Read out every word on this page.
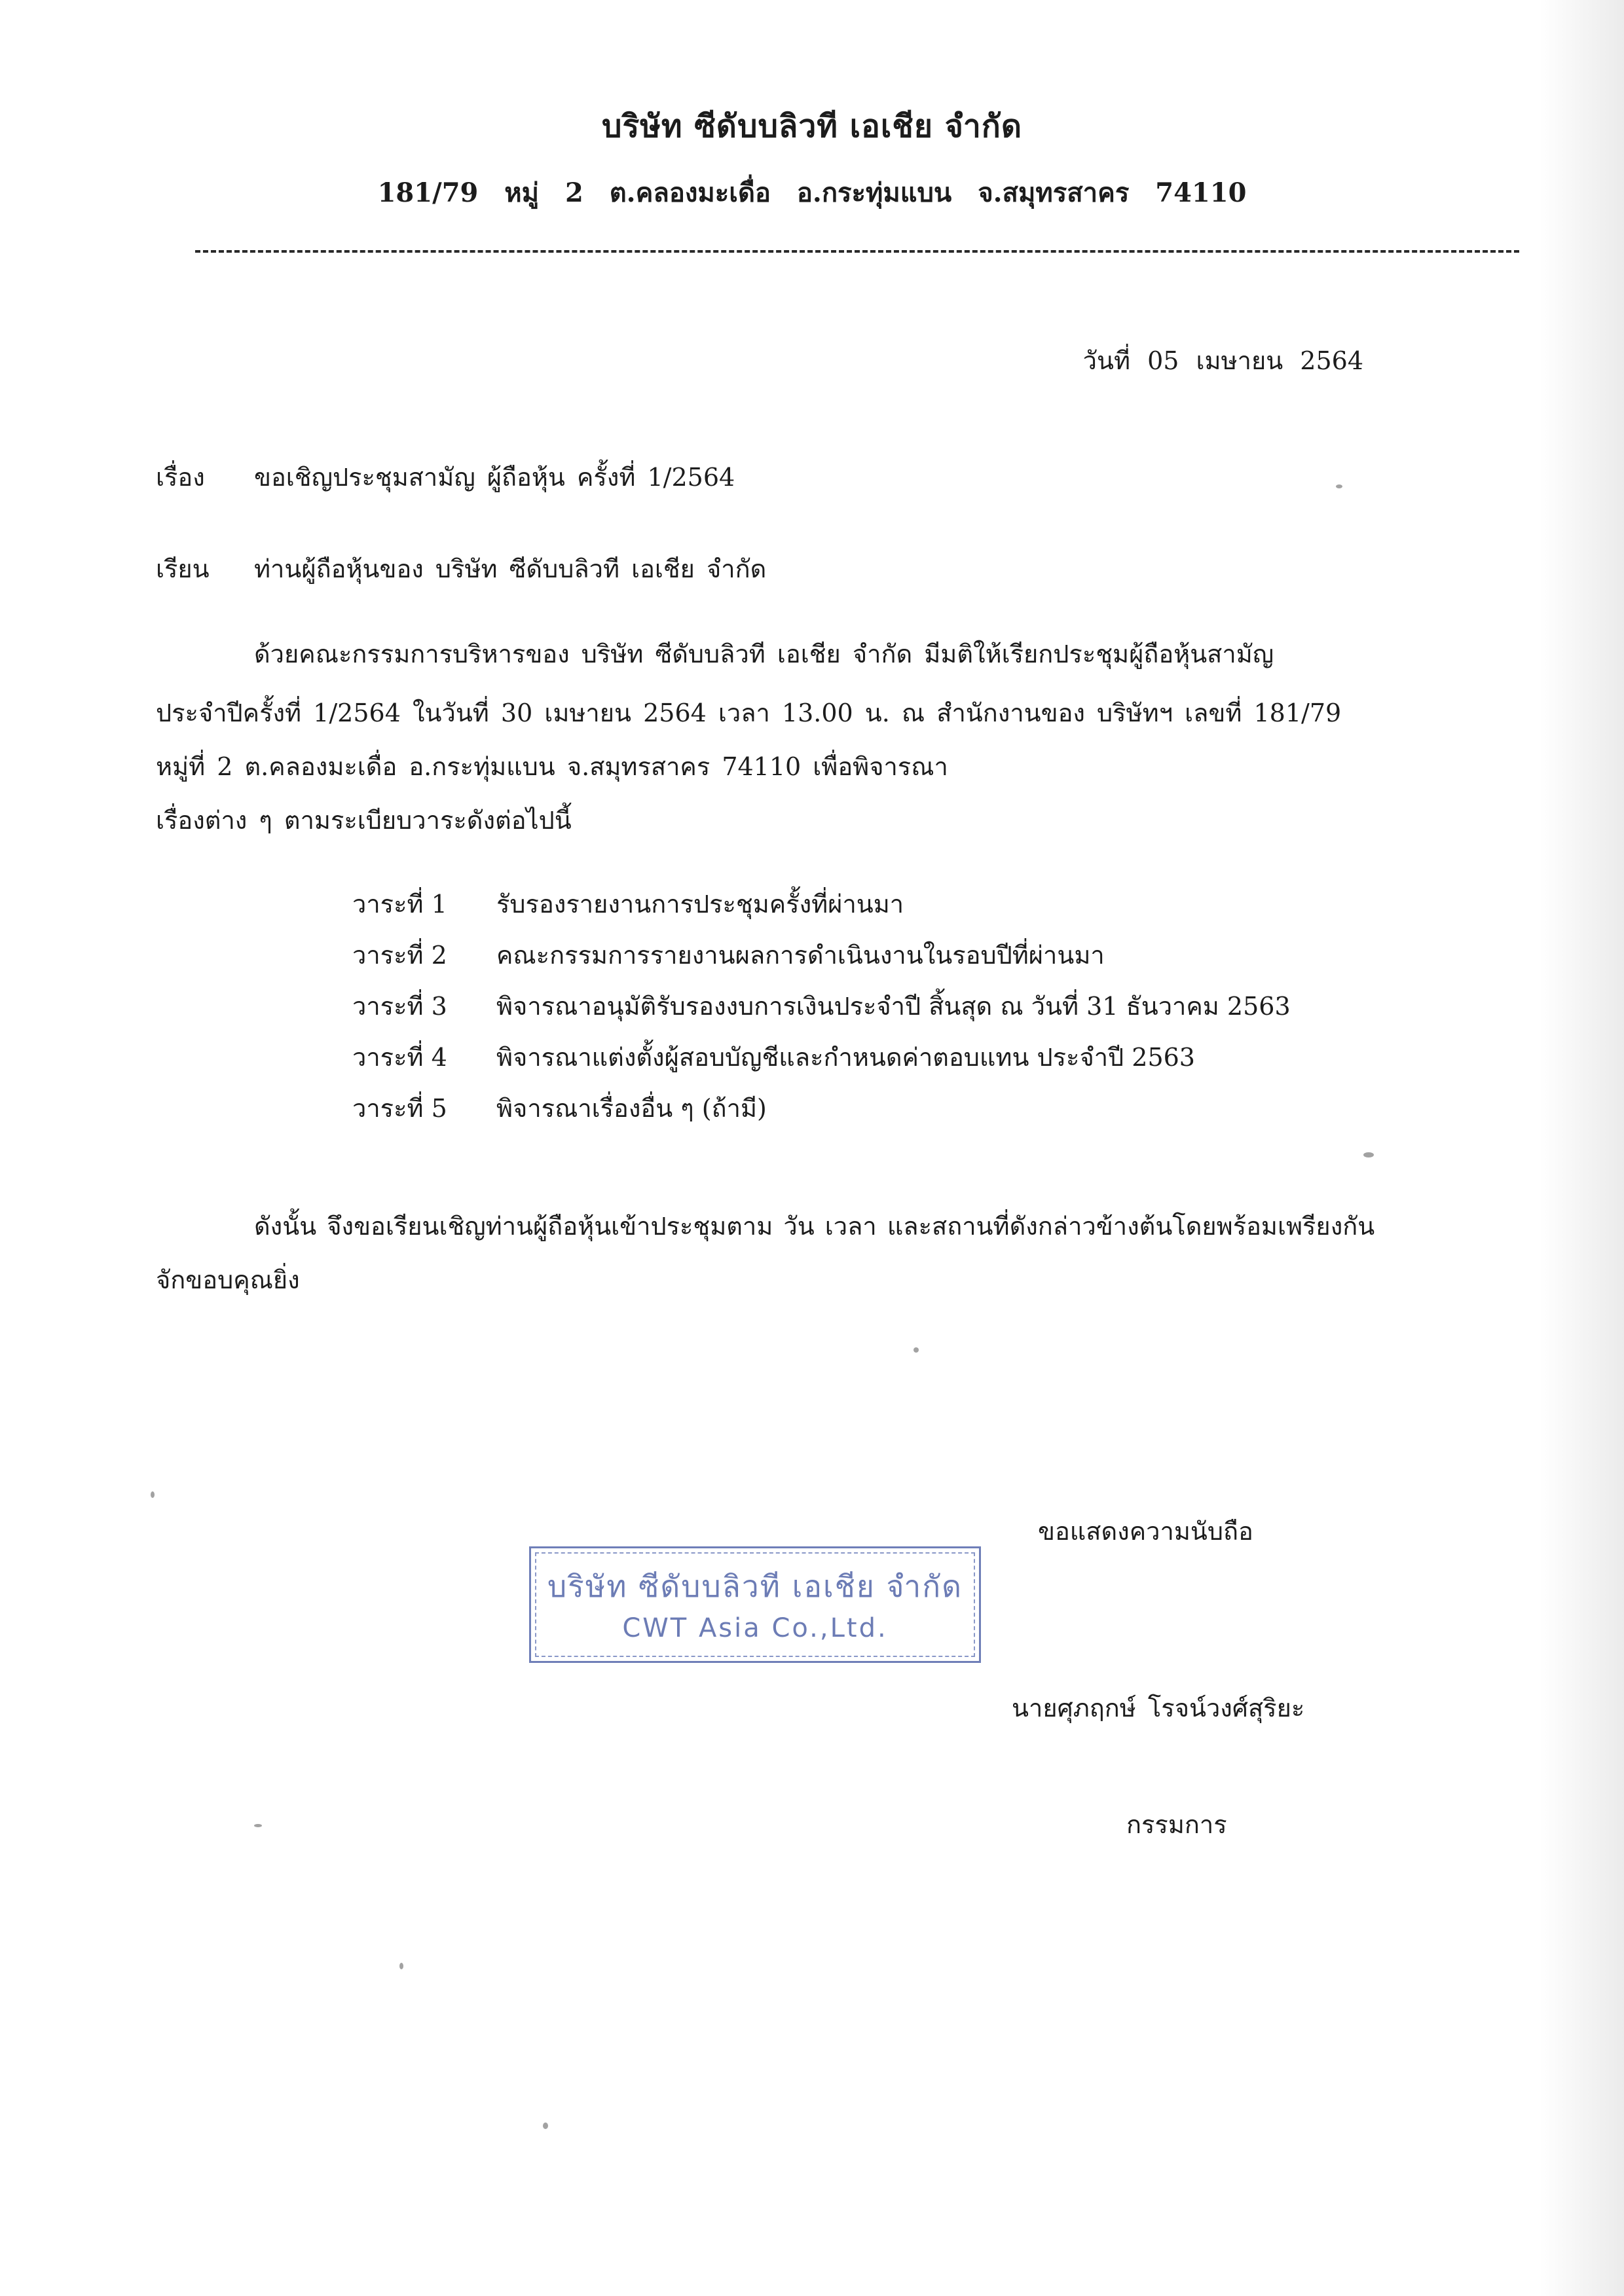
บริษัท ซีดับบลิวที เอเชีย จำกัด
181/79 หมู่ 2 ต.คลองมะเดื่อ อ.กระทุ่มแบน จ.สมุทรสาคร 74110
วันที่ 05 เมษายน 2564
เรื่อง ขอเชิญประชุมสามัญ ผู้ถือหุ้น ครั้งที่ 1/2564
เรียน ท่านผู้ถือหุ้นของ บริษัท ซีดับบลิวที เอเชีย จำกัด
ด้วยคณะกรรมการบริหารของ บริษัท ซีดับบลิวที เอเชีย จำกัด มีมติให้เรียกประชุมผู้ถือหุ้นสามัญ
ประจำปีครั้งที่ 1/2564 ในวันที่ 30 เมษายน 2564 เวลา 13.00 น. ณ สำนักงานของ บริษัทฯ เลขที่ 181/79
หมู่ที่ 2 ต.คลองมะเดื่อ อ.กระทุ่มแบน จ.สมุทรสาคร 74110 เพื่อพิจารณา
เรื่องต่าง ๆ ตามระเบียบวาระดังต่อไปนี้
วาระที่ 1 รับรองรายงานการประชุมครั้งที่ผ่านมา
วาระที่ 2 คณะกรรมการรายงานผลการดำเนินงานในรอบปีที่ผ่านมา
วาระที่ 3 พิจารณาอนุมัติรับรองงบการเงินประจำปี สิ้นสุด ณ วันที่ 31 ธันวาคม 2563
วาระที่ 4 พิจารณาแต่งตั้งผู้สอบบัญชีและกำหนดค่าตอบแทน ประจำปี 2563
วาระที่ 5 พิจารณาเรื่องอื่น ๆ (ถ้ามี)
ดังนั้น จึงขอเรียนเชิญท่านผู้ถือหุ้นเข้าประชุมตาม วัน เวลา และสถานที่ดังกล่าวข้างต้นโดยพร้อมเพรียงกัน
จักขอบคุณยิ่ง
ขอแสดงความนับถือ
บริษัท ซีดับบลิวที เอเชีย จำกัด
CWT Asia Co.,Ltd.
นายศุภฤกษ์ โรจน์วงศ์สุริยะ
กรรมการ
